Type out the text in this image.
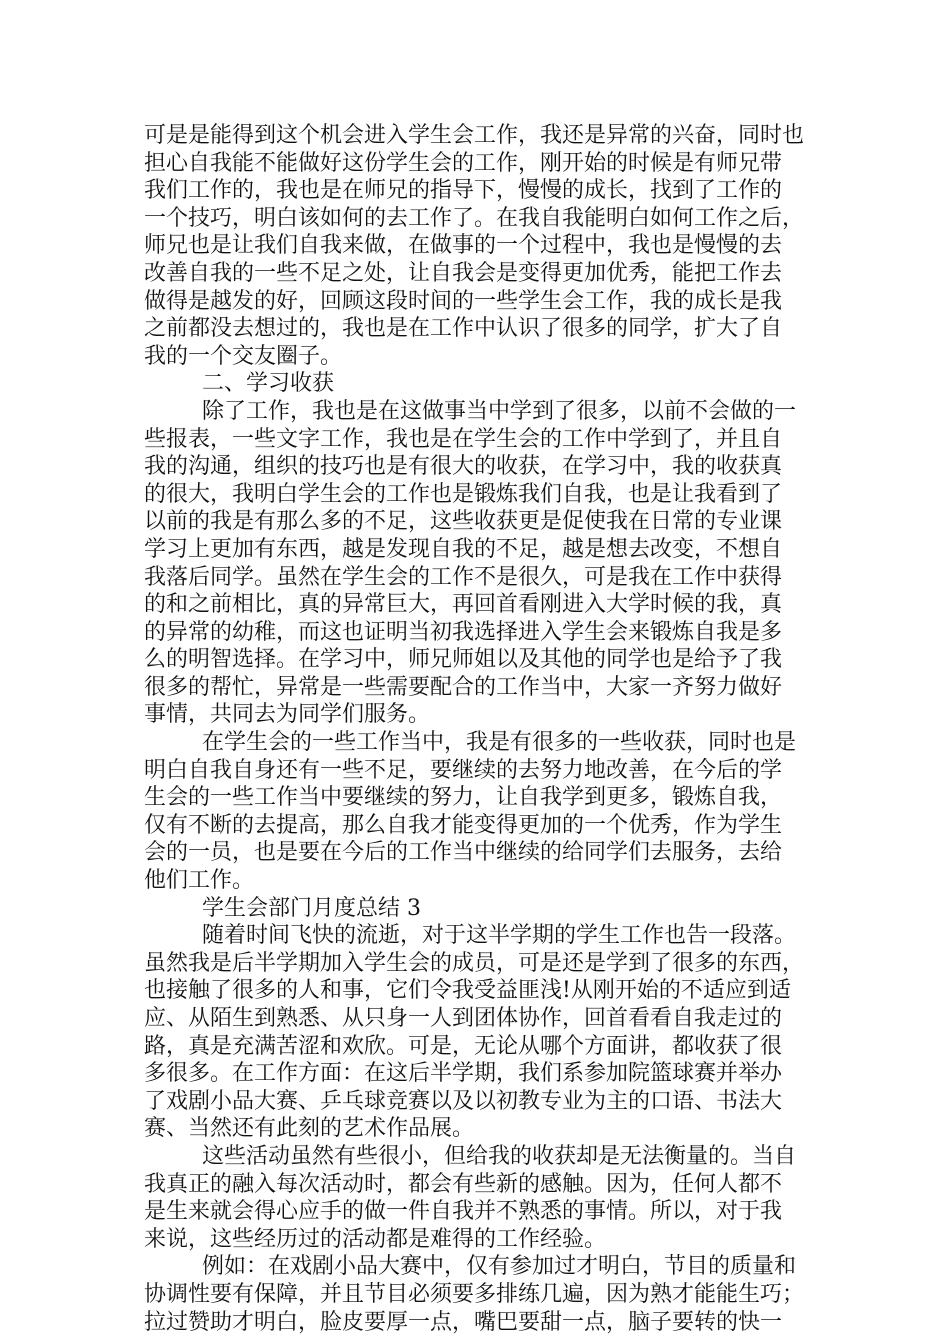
可是是能得到这个机会进入学生会工作，我还是异常的兴奋，同时也
担心自我能不能做好这份学生会的工作，刚开始的时候是有师兄带
我们工作的，我也是在师兄的指导下，慢慢的成长，找到了工作的
一个技巧，明白该如何的去工作了。在我自我能明白如何工作之后，
师兄也是让我们自我来做，在做事的一个过程中，我也是慢慢的去
改善自我的一些不足之处，让自我会是变得更加优秀，能把工作去
做得是越发的好，回顾这段时间的一些学生会工作，我的成长是我
之前都没去想过的，我也是在工作中认识了很多的同学，扩大了自
我的一个交友圈子。
二、学习收获
除了工作，我也是在这做事当中学到了很多，以前不会做的一
些报表，一些文字工作，我也是在学生会的工作中学到了，并且自
我的沟通，组织的技巧也是有很大的收获，在学习中，我的收获真
的很大，我明白学生会的工作也是锻炼我们自我，也是让我看到了
以前的我是有那么多的不足，这些收获更是促使我在日常的专业课
学习上更加有东西，越是发现自我的不足，越是想去改变，不想自
我落后同学。虽然在学生会的工作不是很久，可是我在工作中获得
的和之前相比，真的异常巨大，再回首看刚进入大学时候的我，真
的异常的幼稚，而这也证明当初我选择进入学生会来锻炼自我是多
么的明智选择。在学习中，师兄师姐以及其他的同学也是给予了我
很多的帮忙，异常是一些需要配合的工作当中，大家一齐努力做好
事情，共同去为同学们服务。
在学生会的一些工作当中，我是有很多的一些收获，同时也是
明白自我自身还有一些不足，要继续的去努力地改善，在今后的学
生会的一些工作当中要继续的努力，让自我学到更多，锻炼自我，
仅有不断的去提高，那么自我才能变得更加的一个优秀，作为学生
会的一员，也是要在今后的工作当中继续的给同学们去服务，去给
他们工作。
学生会部门月度总结 3
随着时间飞快的流逝，对于这半学期的学生工作也告一段落。
虽然我是后半学期加入学生会的成员，可是还是学到了很多的东西，
也接触了很多的人和事，它们令我受益匪浅!从刚开始的不适应到适
应、从陌生到熟悉、从只身一人到团体协作，回首看看自我走过的
路，真是充满苦涩和欢欣。可是，无论从哪个方面讲，都收获了很
多很多。在工作方面：在这后半学期，我们系参加院篮球赛并举办
了戏剧小品大赛、乒乓球竞赛以及以初教专业为主的口语、书法大
赛、当然还有此刻的艺术作品展。
这些活动虽然有些很小，但给我的收获却是无法衡量的。当自
我真正的融入每次活动时，都会有些新的感触。因为，任何人都不
是生来就会得心应手的做一件自我并不熟悉的事情。所以，对于我
来说，这些经历过的活动都是难得的工作经验。
例如：在戏剧小品大赛中，仅有参加过才明白，节目的质量和
协调性要有保障，并且节目必须要多排练几遍，因为熟才能能生巧；
拉过赞助才明白，脸皮要厚一点，嘴巴要甜一点，脑子要转的快一
